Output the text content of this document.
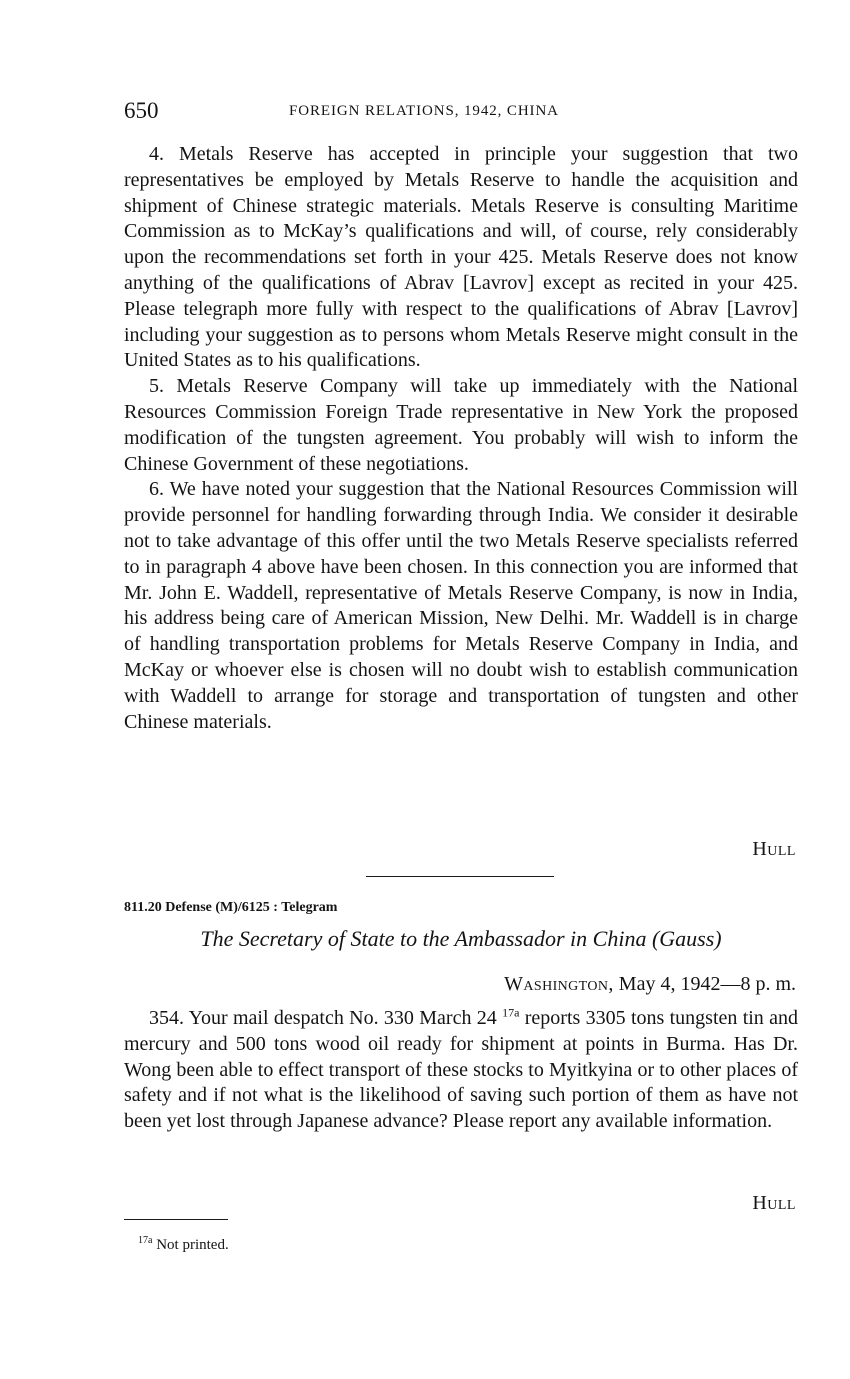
650	FOREIGN RELATIONS, 1942, CHINA

4. Metals Reserve has accepted in principle your suggestion that two representatives be employed by Metals Reserve to handle the acquisition and shipment of Chinese strategic materials. Metals Reserve is consulting Maritime Commission as to McKay’s qualifications and will, of course, rely considerably upon the recommendations set forth in your 425. Metals Reserve does not know anything of the qualifications of Abrav [Lavrov] except as recited in your 425. Please telegraph more fully with respect to the qualifications of Abrav [Lavrov] including your suggestion as to persons whom Metals Reserve might consult in the United States as to his qualifications.

5. Metals Reserve Company will take up immediately with the National Resources Commission Foreign Trade representative in New York the proposed modification of the tungsten agreement. You probably will wish to inform the Chinese Government of these negotiations.

6. We have noted your suggestion that the National Resources Commission will provide personnel for handling forwarding through India. We consider it desirable not to take advantage of this offer until the two Metals Reserve specialists referred to in paragraph 4 above have been chosen. In this connection you are informed that Mr. John E. Waddell, representative of Metals Reserve Company, is now in India, his address being care of American Mission, New Delhi. Mr. Waddell is in charge of handling transportation problems for Metals Reserve Company in India, and McKay or whoever else is chosen will no doubt wish to establish communication with Waddell to arrange for storage and transportation of tungsten and other Chinese materials.

Hull
811.20 Defense (M)/6125 : Telegram
The Secretary of State to the Ambassador in China (Gauss)
Washington, May 4, 1942—8 p. m.

354. Your mail despatch No. 330 March 24 $^{17a}$ reports 3305 tons tungsten tin and mercury and 500 tons wood oil ready for shipment at points in Burma. Has Dr. Wong been able to effect transport of these stocks to Myitkyina or to other places of safety and if not what is the likelihood of saving such portion of them as have not been yet lost through Japanese advance? Please report any available information.

Hull
$^{17a}$ Not printed.
